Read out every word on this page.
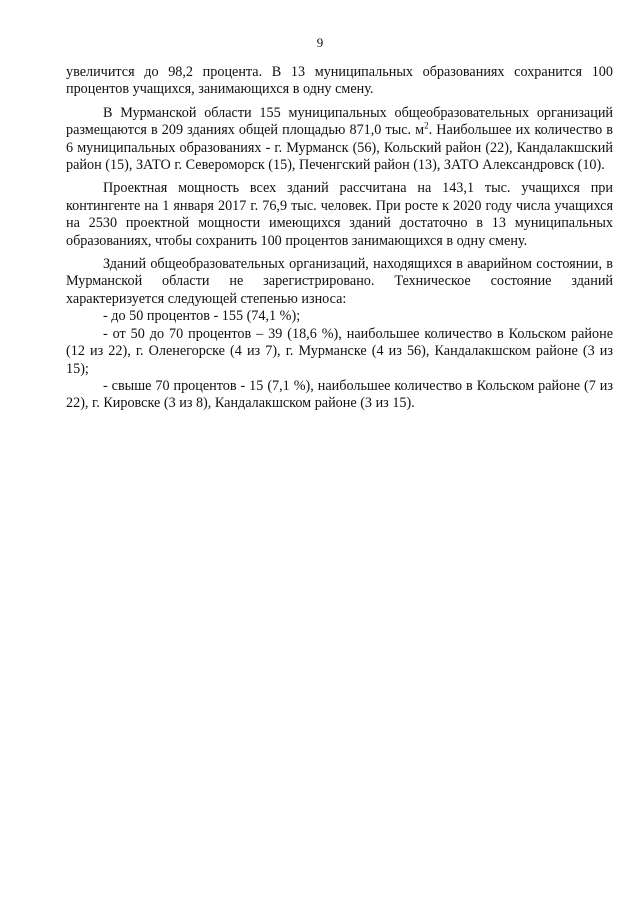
9

увеличится до 98,2 процента. В 13 муниципальных образованиях сохранится 100 процентов учащихся, занимающихся в одну смену.

В Мурманской области 155 муниципальных общеобразовательных организаций размещаются в 209 зданиях общей площадью 871,0 тыс. $м^2$. Наибольшее их количество в 6 муниципальных образованиях - г. Мурманск (56), Кольский район (22), Кандалакшский район (15), ЗАТО г. Североморск (15), Печенгский район (13), ЗАТО Александровск (10).

Проектная мощность всех зданий рассчитана на 143,1 тыс. учащихся при контингенте на 1 января 2017 г. 76,9 тыс. человек. При росте к 2020 году числа учащихся на 2530 проектной мощности имеющихся зданий достаточно в 13 муниципальных образованиях, чтобы сохранить 100 процентов занимающихся в одну смену.

Зданий общеобразовательных организаций, находящихся в аварийном состоянии, в Мурманской области не зарегистрировано. Техническое состояние зданий характеризуется следующей степенью износа:

- до 50 процентов - 155 (74,1 %);

- от 50 до 70 процентов – 39 (18,6 %), наибольшее количество в Кольском районе (12 из 22), г. Оленегорске (4 из 7), г. Мурманске (4 из 56), Кандалакшском районе (3 из 15);

- свыше 70 процентов - 15 (7,1 %), наибольшее количество в Кольском районе (7 из 22), г. Кировске (3 из 8), Кандалакшском районе (3 из 15).
